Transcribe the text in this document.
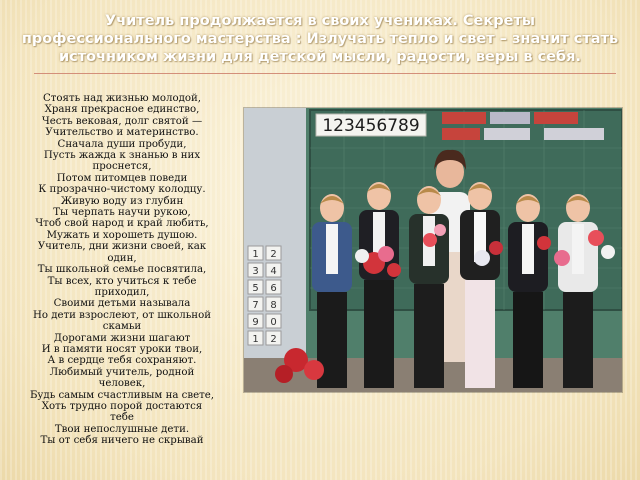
Учитель продолжается в своих учениках. Секреты профессионального мастерства : Излучать тепло и свет – значит стать источником жизни для детской мысли, радости, веры в себя.
Стоять над жизнью молодой,
Храня прекрасное единство,
Честь вековая, долг святой —
Учительство и материнство.
Сначала души пробуди,
Пусть жажда к знанью в них
проснется,
Потом питомцев поведи
К прозрачно-чистому колодцу.
Живую воду из глубин
Ты черпать научи рукою,
Чтоб свой народ и край любить,
Мужать и хорошеть душою.
Учитель, дни жизни своей, как
один,
Ты школьной семье посвятила,
Ты всех, кто учиться к тебе
приходил,
Своими детьми называла
Но дети взрослеют, от школьной
скамьи
Дорогами жизни шагают
И в памяти носят уроки твои,
А в сердце тебя сохраняют.
Любимый учитель, родной
человек,
Будь самым счастливым на свете,
Хоть трудно порой достаются
тебе
Твои непослушные дети.
Ты от себя ничего не скрывай
123456789
1 2
3 4
5 6
7 8
9 0
1 2
